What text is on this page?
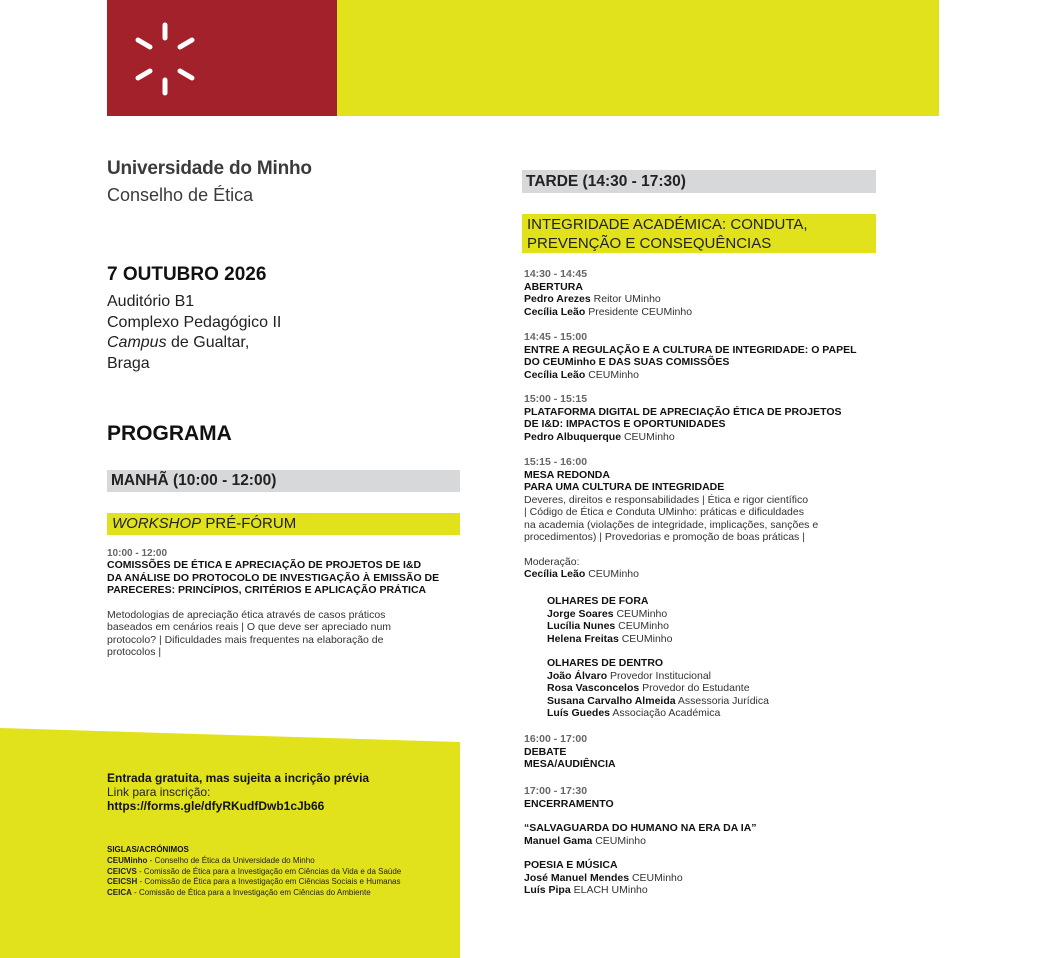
Universidade do Minho
Conselho de Ética
7 OUTUBRO 2026
Auditório B1
Complexo Pedagógico II
Campus de Gualtar,
Braga
PROGRAMA
MANHÃ (10:00 - 12:00)
WORKSHOP PRÉ-FÓRUM
10:00 - 12:00
COMISSÕES DE ÉTICA E APRECIAÇÃO DE PROJETOS DE I&D
DA ANÁLISE DO PROTOCOLO DE INVESTIGAÇÃO À EMISSÃO DE
PARECERES: PRINCÍPIOS, CRITÉRIOS E APLICAÇÃO PRÁTICA
Metodologias de apreciação ética através de casos práticos
baseados em cenários reais | O que deve ser apreciado num
protocolo? | Dificuldades mais frequentes na elaboração de
protocolos |
Entrada gratuita, mas sujeita a incrição prévia
Link para inscrição:
https://forms.gle/dfyRKudfDwb1cJb66
SIGLAS/ACRÓNIMOS
CEUMinho - Conselho de Ética da Universidade do Minho
CEICVS - Comissão de Ética para a Investigação em Ciências da Vida e da Saúde
CEICSH - Comissão de Ética para a Investigação em Ciências Sociais e Humanas
CEICA - Comissão de Ética para a Investigação em Ciências do Ambiente
TARDE (14:30 - 17:30)
INTEGRIDADE ACADÉMICA: CONDUTA,
PREVENÇÃO E CONSEQUÊNCIAS
14:30 - 14:45
ABERTURA
Pedro Arezes Reitor UMinho
Cecília Leão Presidente CEUMinho
14:45 - 15:00
ENTRE A REGULAÇÃO E A CULTURA DE INTEGRIDADE: O PAPEL
DO CEUMinho E DAS SUAS COMISSÕES
Cecília Leão CEUMinho
15:00 - 15:15
PLATAFORMA DIGITAL DE APRECIAÇÃO ÉTICA DE PROJETOS
DE I&D: IMPACTOS E OPORTUNIDADES
Pedro Albuquerque CEUMinho
15:15 - 16:00
MESA REDONDA
PARA UMA CULTURA DE INTEGRIDADE
Deveres, direitos e responsabilidades | Ética e rigor científico
| Código de Ética e Conduta UMinho: práticas e dificuldades
na academia (violações de integridade, implicações, sanções e
procedimentos) | Provedorias e promoção de boas práticas |
Moderação:
Cecília Leão CEUMinho
OLHARES DE FORA
Jorge Soares CEUMinho
Lucília Nunes CEUMinho
Helena Freitas CEUMinho
OLHARES DE DENTRO
João Álvaro Provedor Institucional
Rosa Vasconcelos Provedor do Estudante
Susana Carvalho Almeida Assessoria Jurídica
Luís Guedes Associação Académica
16:00 - 17:00
DEBATE
MESA/AUDIÊNCIA
17:00 - 17:30
ENCERRAMENTO
“SALVAGUARDA DO HUMANO NA ERA DA IA”
Manuel Gama CEUMinho
POESIA E MÚSICA
José Manuel Mendes CEUMinho
Luís Pipa ELACH UMinho
